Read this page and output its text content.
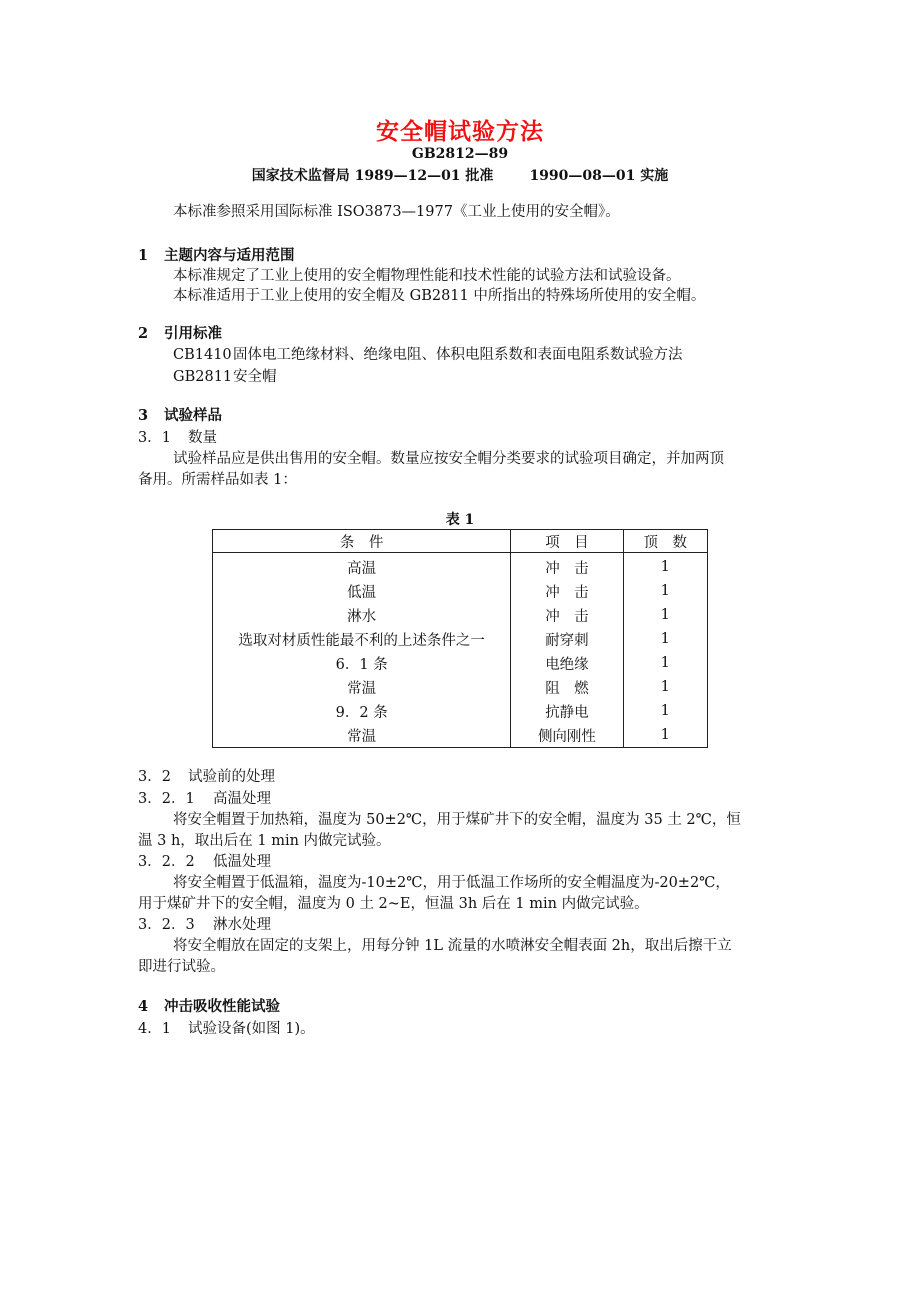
安全帽试验方法
GB2812—89
国家技术监督局 1989—12—01 批准	1990—08—01 实施
本标准参照采用国际标准 ISO3873—1977《工业上使用的安全帽》。
1 主题内容与适用范围
本标准规定了工业上使用的安全帽物理性能和技术性能的试验方法和试验设备。
本标准适用于工业上使用的安全帽及 GB2811 中所指出的特殊场所使用的安全帽。
2 引用标准
CB1410固体电工绝缘材料、绝缘电阻、体积电阻系数和表面电阻系数试验方法
GB2811安全帽
3 试验样品
3．1 数量
试验样品应是供出售用的安全帽。数量应按安全帽分类要求的试验项目确定，并加两顶
备用。所需样品如表 1：
表 1
条　件	项　目	顶　数
高温	冲　击	1
低温	冲　击	1
淋水	冲　击	1
选取对材质性能最不利的上述条件之一	耐穿刺	1
6．1 条	电绝缘	1
常温	阻　燃	1
9．2 条	抗静电	1
常温	侧向刚性	1
3．2 试验前的处理
3．2．1 高温处理
将安全帽置于加热箱，温度为 50±2℃，用于煤矿井下的安全帽，温度为 35 土 2℃，恒
温 3 h，取出后在 1 min 内做完试验。
3．2．2 低温处理
将安全帽置于低温箱，温度为-10±2℃，用于低温工作场所的安全帽温度为-20±2℃，
用于煤矿井下的安全帽，温度为 0 土 2~E，恒温 3h 后在 1 min 内做完试验。
3．2．3 淋水处理
将安全帽放在固定的支架上，用每分钟 1L 流量的水喷淋安全帽表面 2h，取出后擦干立
即进行试验。
4 冲击吸收性能试验
4．1 试验设备(如图 1)。
